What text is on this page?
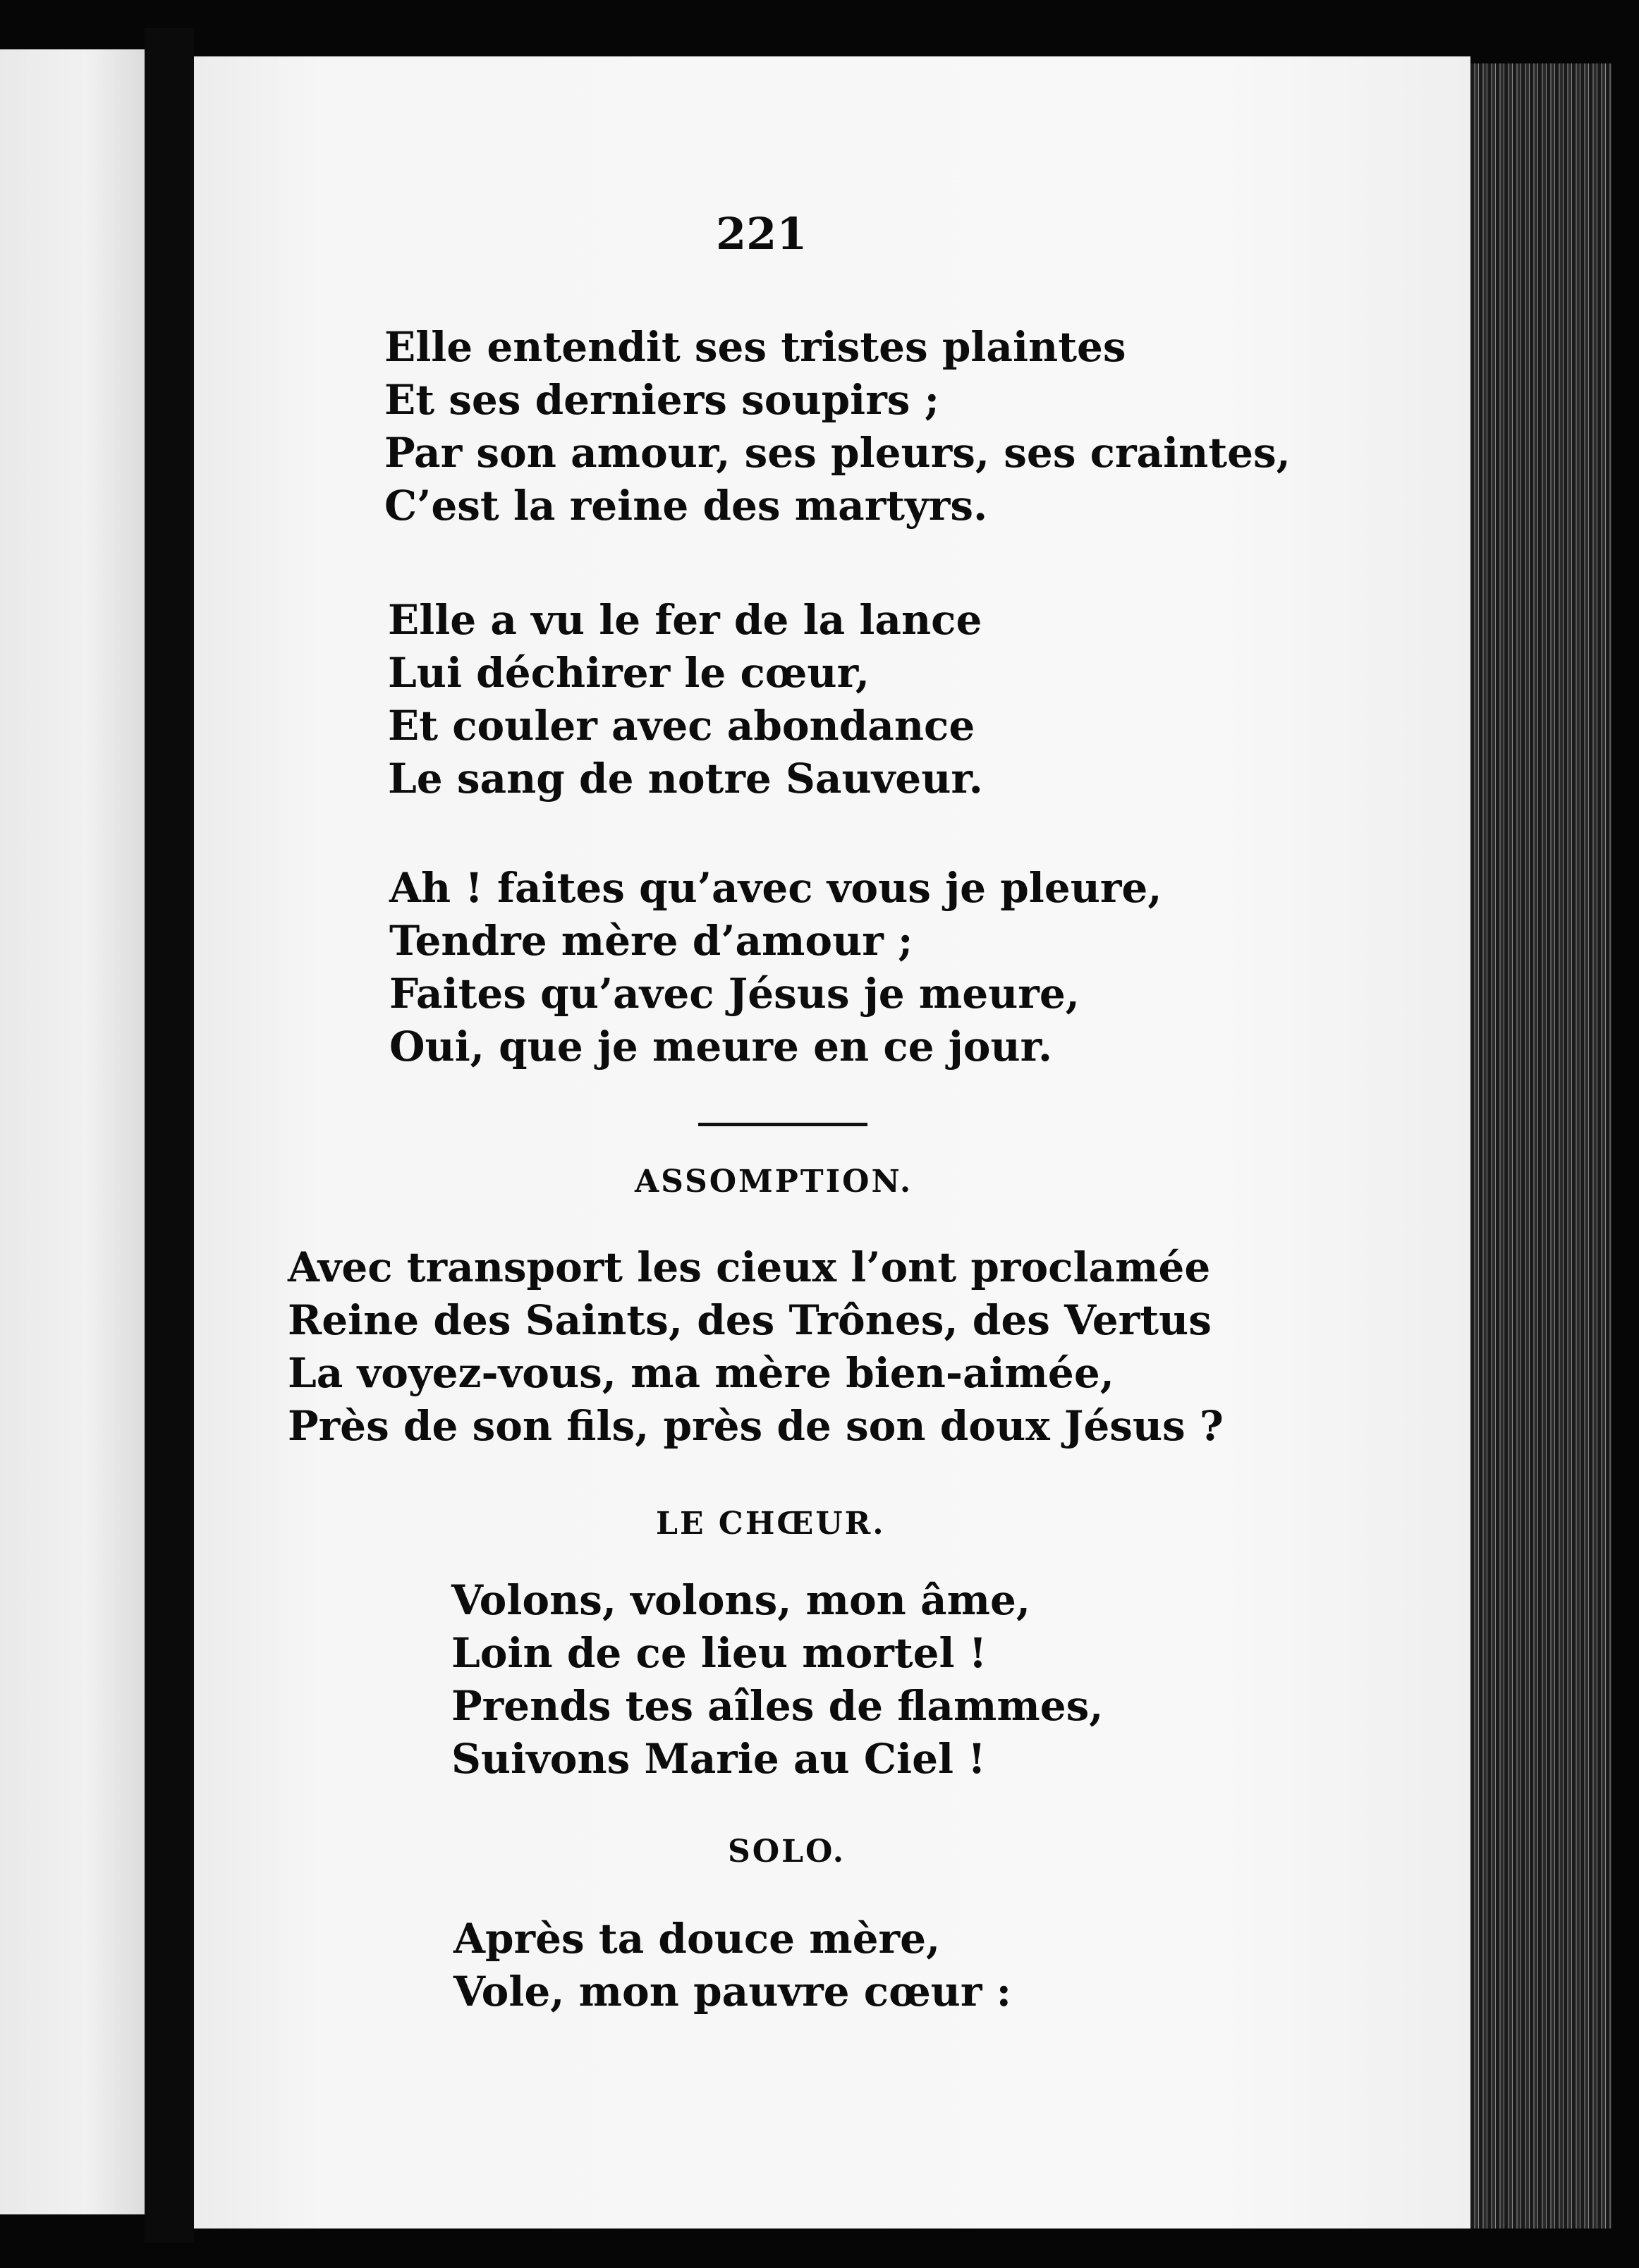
221
Elle entendit ses tristes plaintes
Et ses derniers soupirs ;
Par son amour, ses pleurs, ses craintes,
C’est la reine des martyrs.
Elle a vu le fer de la lance
Lui déchirer le cœur,
Et couler avec abondance
Le sang de notre Sauveur.
Ah ! faites qu’avec vous je pleure,
Tendre mère d’amour ;
Faites qu’avec Jésus je meure,
Oui, que je meure en ce jour.
ASSOMPTION.
Avec transport les cieux l’ont proclamée
Reine des Saints, des Trônes, des Vertus
La voyez-vous, ma mère bien-aimée,
Près de son fils, près de son doux Jésus ?
LE CHŒUR.
Volons, volons, mon âme,
Loin de ce lieu mortel !
Prends tes aîles de flammes,
Suivons Marie au Ciel !
SOLO.
Après ta douce mère,
Vole, mon pauvre cœur :
